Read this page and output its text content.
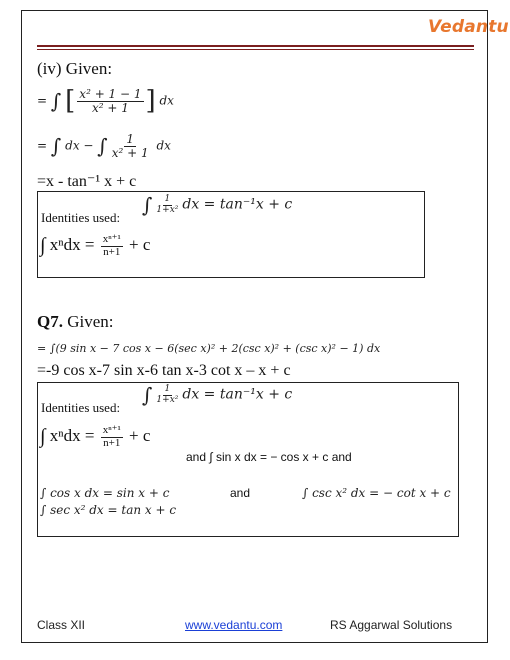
Vedantu
(iv) Given:
= ∫ [ $\frac{\text{x² + 1 − 1}}{\text{x² + 1}}$ ] dx
= ∫ dx − ∫ $\frac{1}{\text{x² + 1}}$ dx
=x - tan⁻¹ x + c
Identities used:
∫ $\frac{1}{\text{1+x²}}$ dx = tan⁻¹x + c
∫ $x^ndx = \frac{\text{xⁿ⁺¹}}{n+1} + c$
Q7. Given:
= ∫(9 sin x − 7 cos x − 6(sec x)² + 2(csc x)² + (csc x)² − 1) dx
=-9 cos x-7 sin x-6 tan x-3 cot x – x + c
Identities used:
∫ $\frac{1}{\text{1+x²}}$ dx = tan⁻¹x + c
∫ $x^ndx = \frac{\text{xⁿ⁺¹}}{n+1} + c$
and ∫ sin x dx = − cos x + c and
∫ cos x dx = sin x + c	and	∫ csc x² dx = − cot x + c
∫ sec x² dx = tan x + c
Class XII	www.vedantu.com	RS Aggarwal Solutions
